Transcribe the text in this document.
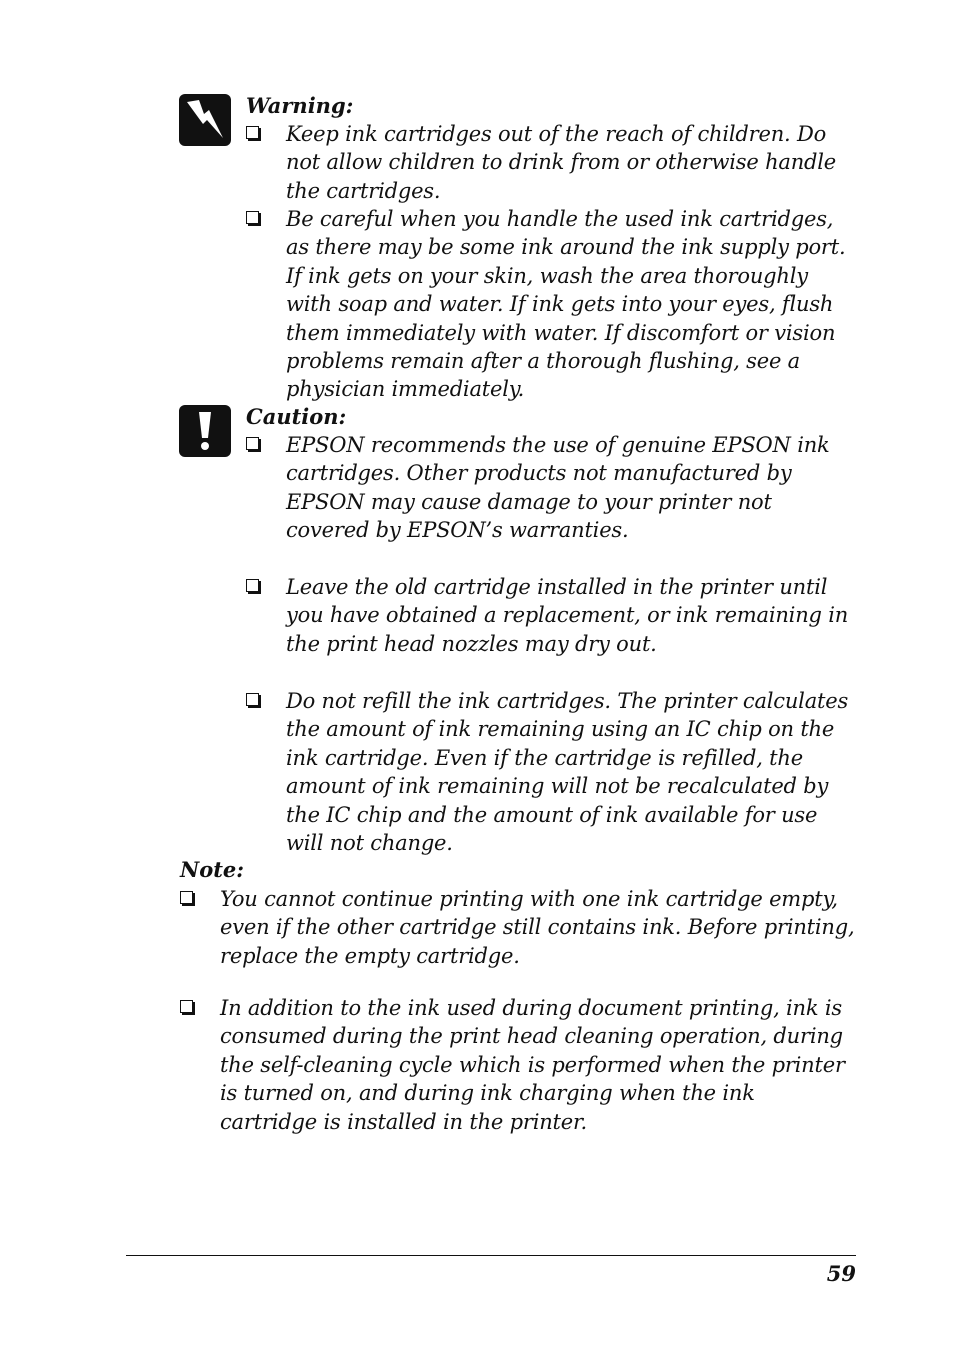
Warning:
Keep ink cartridges out of the reach of children. Do not allow children to drink from or otherwise handle the cartridges.
Be careful when you handle the used ink cartridges, as there may be some ink around the ink supply port. If ink gets on your skin, wash the area thoroughly with soap and water. If ink gets into your eyes, flush them immediately with water. If discomfort or vision problems remain after a thorough flushing, see a physician immediately.
Caution:
EPSON recommends the use of genuine EPSON ink cartridges. Other products not manufactured by EPSON may cause damage to your printer not covered by EPSON’s warranties.
Leave the old cartridge installed in the printer until you have obtained a replacement, or ink remaining in the print head nozzles may dry out.
Do not refill the ink cartridges. The printer calculates the amount of ink remaining using an IC chip on the ink cartridge. Even if the cartridge is refilled, the amount of ink remaining will not be recalculated by the IC chip and the amount of ink available for use will not change.
Note:
You cannot continue printing with one ink cartridge empty, even if the other cartridge still contains ink. Before printing, replace the empty cartridge.
In addition to the ink used during document printing, ink is consumed during the print head cleaning operation, during the self-cleaning cycle which is performed when the printer is turned on, and during ink charging when the ink cartridge is installed in the printer.
59
